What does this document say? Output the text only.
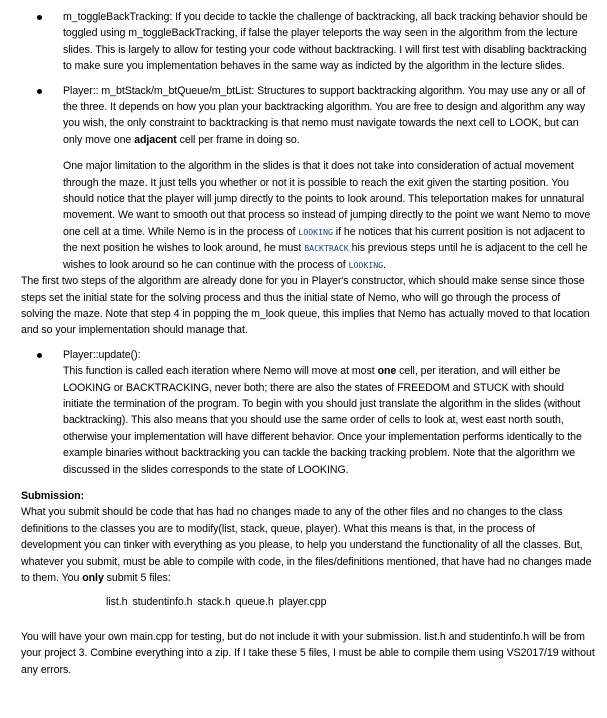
m_toggleBackTracking: If you decide to tackle the challenge of backtracking, all back tracking behavior should be toggled using m_toggleBackTracking, if false the player teleports the way seen in the algorithm from the lecture slides. This is largely to allow for testing your code without backtracking. I will first test with disabling backtracking to make sure you implementation behaves in the same way as indicted by the algorithm in the lecture slides.

Player:: m_btStack/m_btQueue/m_btList: Structures to support backtracking algorithm. You may use any or all of the three. It depends on how you plan your backtracking algorithm. You are free to design and algorithm any way you wish, the only constraint to backtracking is that nemo must navigate towards the next cell to LOOK, but can only move one adjacent cell per frame in doing so.

One major limitation to the algorithm in the slides is that it does not take into consideration of actual movement through the maze. It just tells you whether or not it is possible to reach the exit given the starting position. You should notice that the player will jump directly to the points to look around. This teleportation makes for unnatural movement. We want to smooth out that process so instead of jumping directly to the point we want Nemo to move one cell at a time. While Nemo is in the process of LOOKING if he notices that his current position is not adjacent to the next position he wishes to look around, he must BACKTRACK his previous steps until he is adjacent to the cell he wishes to look around so he can continue with the process of LOOKING.

The first two steps of the algorithm are already done for you in Player's constructor, which should make sense since those steps set the initial state for the solving process and thus the initial state of Nemo, who will go through the process of solving the maze. Note that step 4 in popping the m_look queue, this implies that Nemo has actually moved to that location and so your implementation should manage that.

Player::update():

This function is called each iteration where Nemo will move at most one cell, per iteration, and will either be LOOKING or BACKTRACKING, never both; there are also the states of FREEDOM and STUCK with should initiate the termination of the program. To begin with you should just translate the algorithm in the slides (without backtracking). This also means that you should use the same order of cells to look at, west east north south, otherwise your implementation will have different behavior. Once your implementation performs identically to the example binaries without backtracking you can tackle the backing tracking problem. Note that the algorithm we discussed in the slides corresponds to the state of LOOKING.

Submission:

What you submit should be code that has had no changes made to any of the other files and no changes to the class definitions to the classes you are to modify(list, stack, queue, player). What this means is that, in the process of development you can tinker with everything as you please, to help you understand the functionality of all the classes. But, whatever you submit, must be able to compile with code, in the files/definitions mentioned, that have had no changes made to them. You only submit 5 files:

list.h studentinfo.h stack.h queue.h player.cpp

You will have your own main.cpp for testing, but do not include it with your submission. list.h and studentinfo.h will be from your project 3. Combine everything into a zip. If I take these 5 files, I must be able to compile them using VS2017/19 without any errors.
